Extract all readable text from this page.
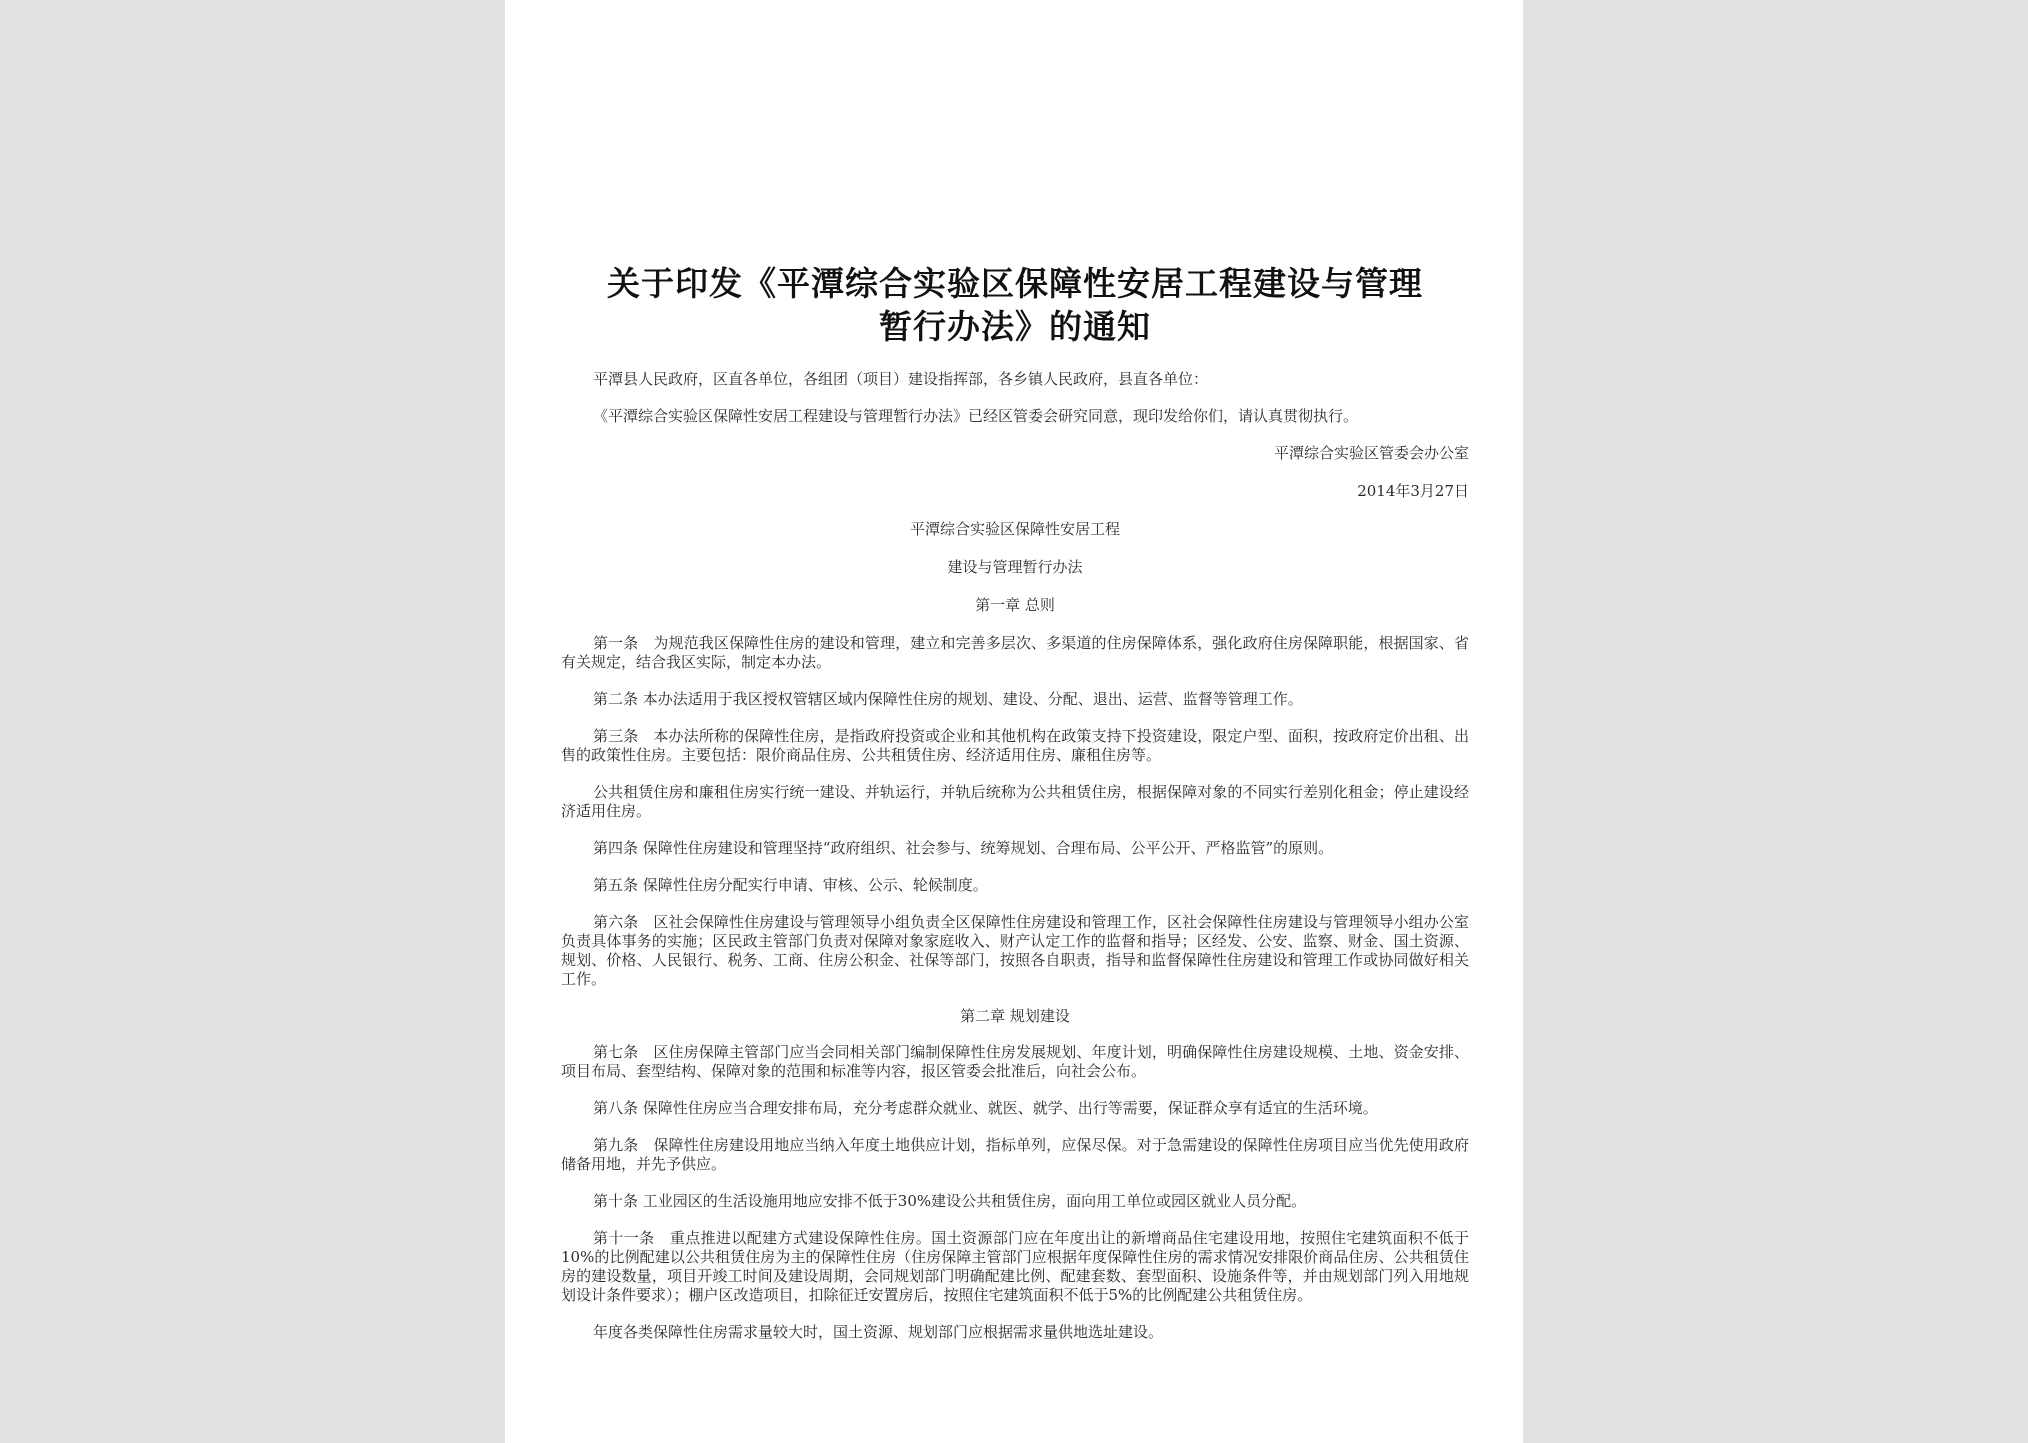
关于印发《平潭综合实验区保障性安居工程建设与管理
暂行办法》的通知
平潭县人民政府，区直各单位，各组团（项目）建设指挥部，各乡镇人民政府，县直各单位：
《平潭综合实验区保障性安居工程建设与管理暂行办法》已经区管委会研究同意，现印发给你们，请认真贯彻执行。
平潭综合实验区管委会办公室
2014年3月27日
平潭综合实验区保障性安居工程
建设与管理暂行办法
第一章 总则
第一条　为规范我区保障性住房的建设和管理，建立和完善多层次、多渠道的住房保障体系，强化政府住房保障职能，根据国家、省有关规定，结合我区实际，制定本办法。
第二条 本办法适用于我区授权管辖区域内保障性住房的规划、建设、分配、退出、运营、监督等管理工作。
第三条　本办法所称的保障性住房，是指政府投资或企业和其他机构在政策支持下投资建设，限定户型、面积，按政府定价出租、出售的政策性住房。主要包括：限价商品住房、公共租赁住房、经济适用住房、廉租住房等。
公共租赁住房和廉租住房实行统一建设、并轨运行，并轨后统称为公共租赁住房，根据保障对象的不同实行差别化租金；停止建设经济适用住房。
第四条 保障性住房建设和管理坚持“政府组织、社会参与、统筹规划、合理布局、公平公开、严格监管”的原则。
第五条 保障性住房分配实行申请、审核、公示、轮候制度。
第六条　区社会保障性住房建设与管理领导小组负责全区保障性住房建设和管理工作，区社会保障性住房建设与管理领导小组办公室负责具体事务的实施；区民政主管部门负责对保障对象家庭收入、财产认定工作的监督和指导；区经发、公安、监察、财金、国土资源、规划、价格、人民银行、税务、工商、住房公积金、社保等部门，按照各自职责，指导和监督保障性住房建设和管理工作或协同做好相关工作。
第二章 规划建设
第七条　区住房保障主管部门应当会同相关部门编制保障性住房发展规划、年度计划，明确保障性住房建设规模、土地、资金安排、项目布局、套型结构、保障对象的范围和标准等内容，报区管委会批准后，向社会公布。
第八条 保障性住房应当合理安排布局，充分考虑群众就业、就医、就学、出行等需要，保证群众享有适宜的生活环境。
第九条　保障性住房建设用地应当纳入年度土地供应计划，指标单列，应保尽保。对于急需建设的保障性住房项目应当优先使用政府储备用地，并先予供应。
第十条 工业园区的生活设施用地应安排不低于30%建设公共租赁住房，面向用工单位或园区就业人员分配。
第十一条　重点推进以配建方式建设保障性住房。国土资源部门应在年度出让的新增商品住宅建设用地，按照住宅建筑面积不低于10%的比例配建以公共租赁住房为主的保障性住房（住房保障主管部门应根据年度保障性住房的需求情况安排限价商品住房、公共租赁住房的建设数量，项目开竣工时间及建设周期，会同规划部门明确配建比例、配建套数、套型面积、设施条件等，并由规划部门列入用地规划设计条件要求）；棚户区改造项目，扣除征迁安置房后，按照住宅建筑面积不低于5%的比例配建公共租赁住房。
年度各类保障性住房需求量较大时，国土资源、规划部门应根据需求量供地选址建设。
